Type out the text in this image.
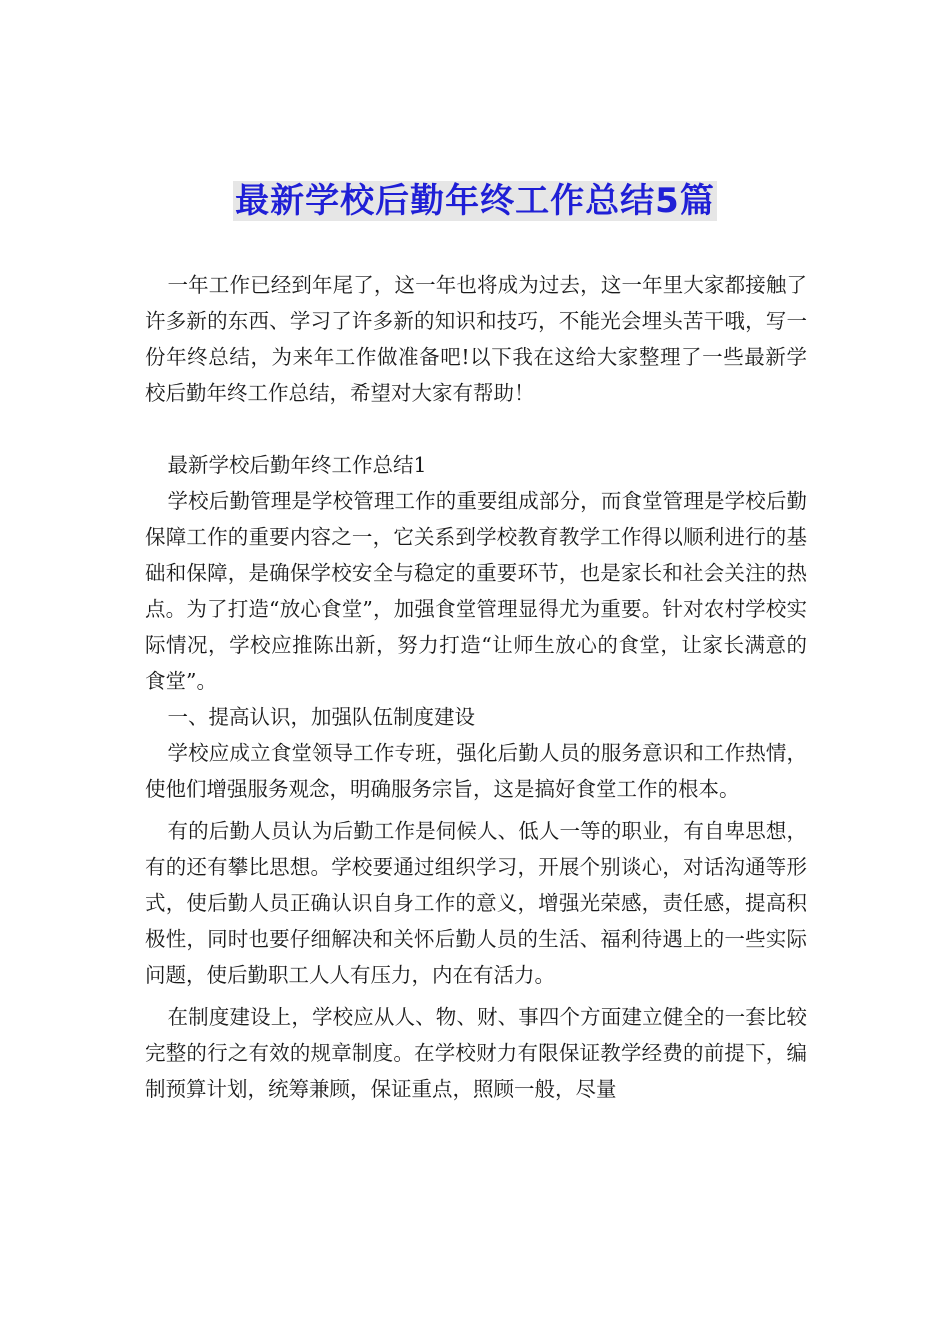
最新学校后勤年终工作总结5篇

一年工作已经到年尾了，这一年也将成为过去，这一年里大家都接触了许多新的东西、学习了许多新的知识和技巧，不能光会埋头苦干哦，写一份年终总结，为来年工作做准备吧!以下我在这给大家整理了一些最新学校后勤年终工作总结，希望对大家有帮助！

最新学校后勤年终工作总结1

学校后勤管理是学校管理工作的重要组成部分，而食堂管理是学校后勤保障工作的重要内容之一，它关系到学校教育教学工作得以顺利进行的基础和保障，是确保学校安全与稳定的重要环节，也是家长和社会关注的热点。为了打造“放心食堂”，加强食堂管理显得尤为重要。针对农村学校实际情况，学校应推陈出新，努力打造“让师生放心的食堂，让家长满意的食堂”。

一、提高认识，加强队伍制度建设

学校应成立食堂领导工作专班，强化后勤人员的服务意识和工作热情，使他们增强服务观念，明确服务宗旨，这是搞好食堂工作的根本。

有的后勤人员认为后勤工作是伺候人、低人一等的职业，有自卑思想，有的还有攀比思想。学校要通过组织学习，开展个别谈心，对话沟通等形式，使后勤人员正确认识自身工作的意义，增强光荣感，责任感，提高积极性，同时也要仔细解决和关怀后勤人员的生活、福利待遇上的一些实际问题，使后勤职工人人有压力，内在有活力。

在制度建设上，学校应从人、物、财、事四个方面建立健全的一套比较完整的行之有效的规章制度。在学校财力有限保证教学经费的前提下，编制预算计划，统筹兼顾，保证重点，照顾一般，尽量
